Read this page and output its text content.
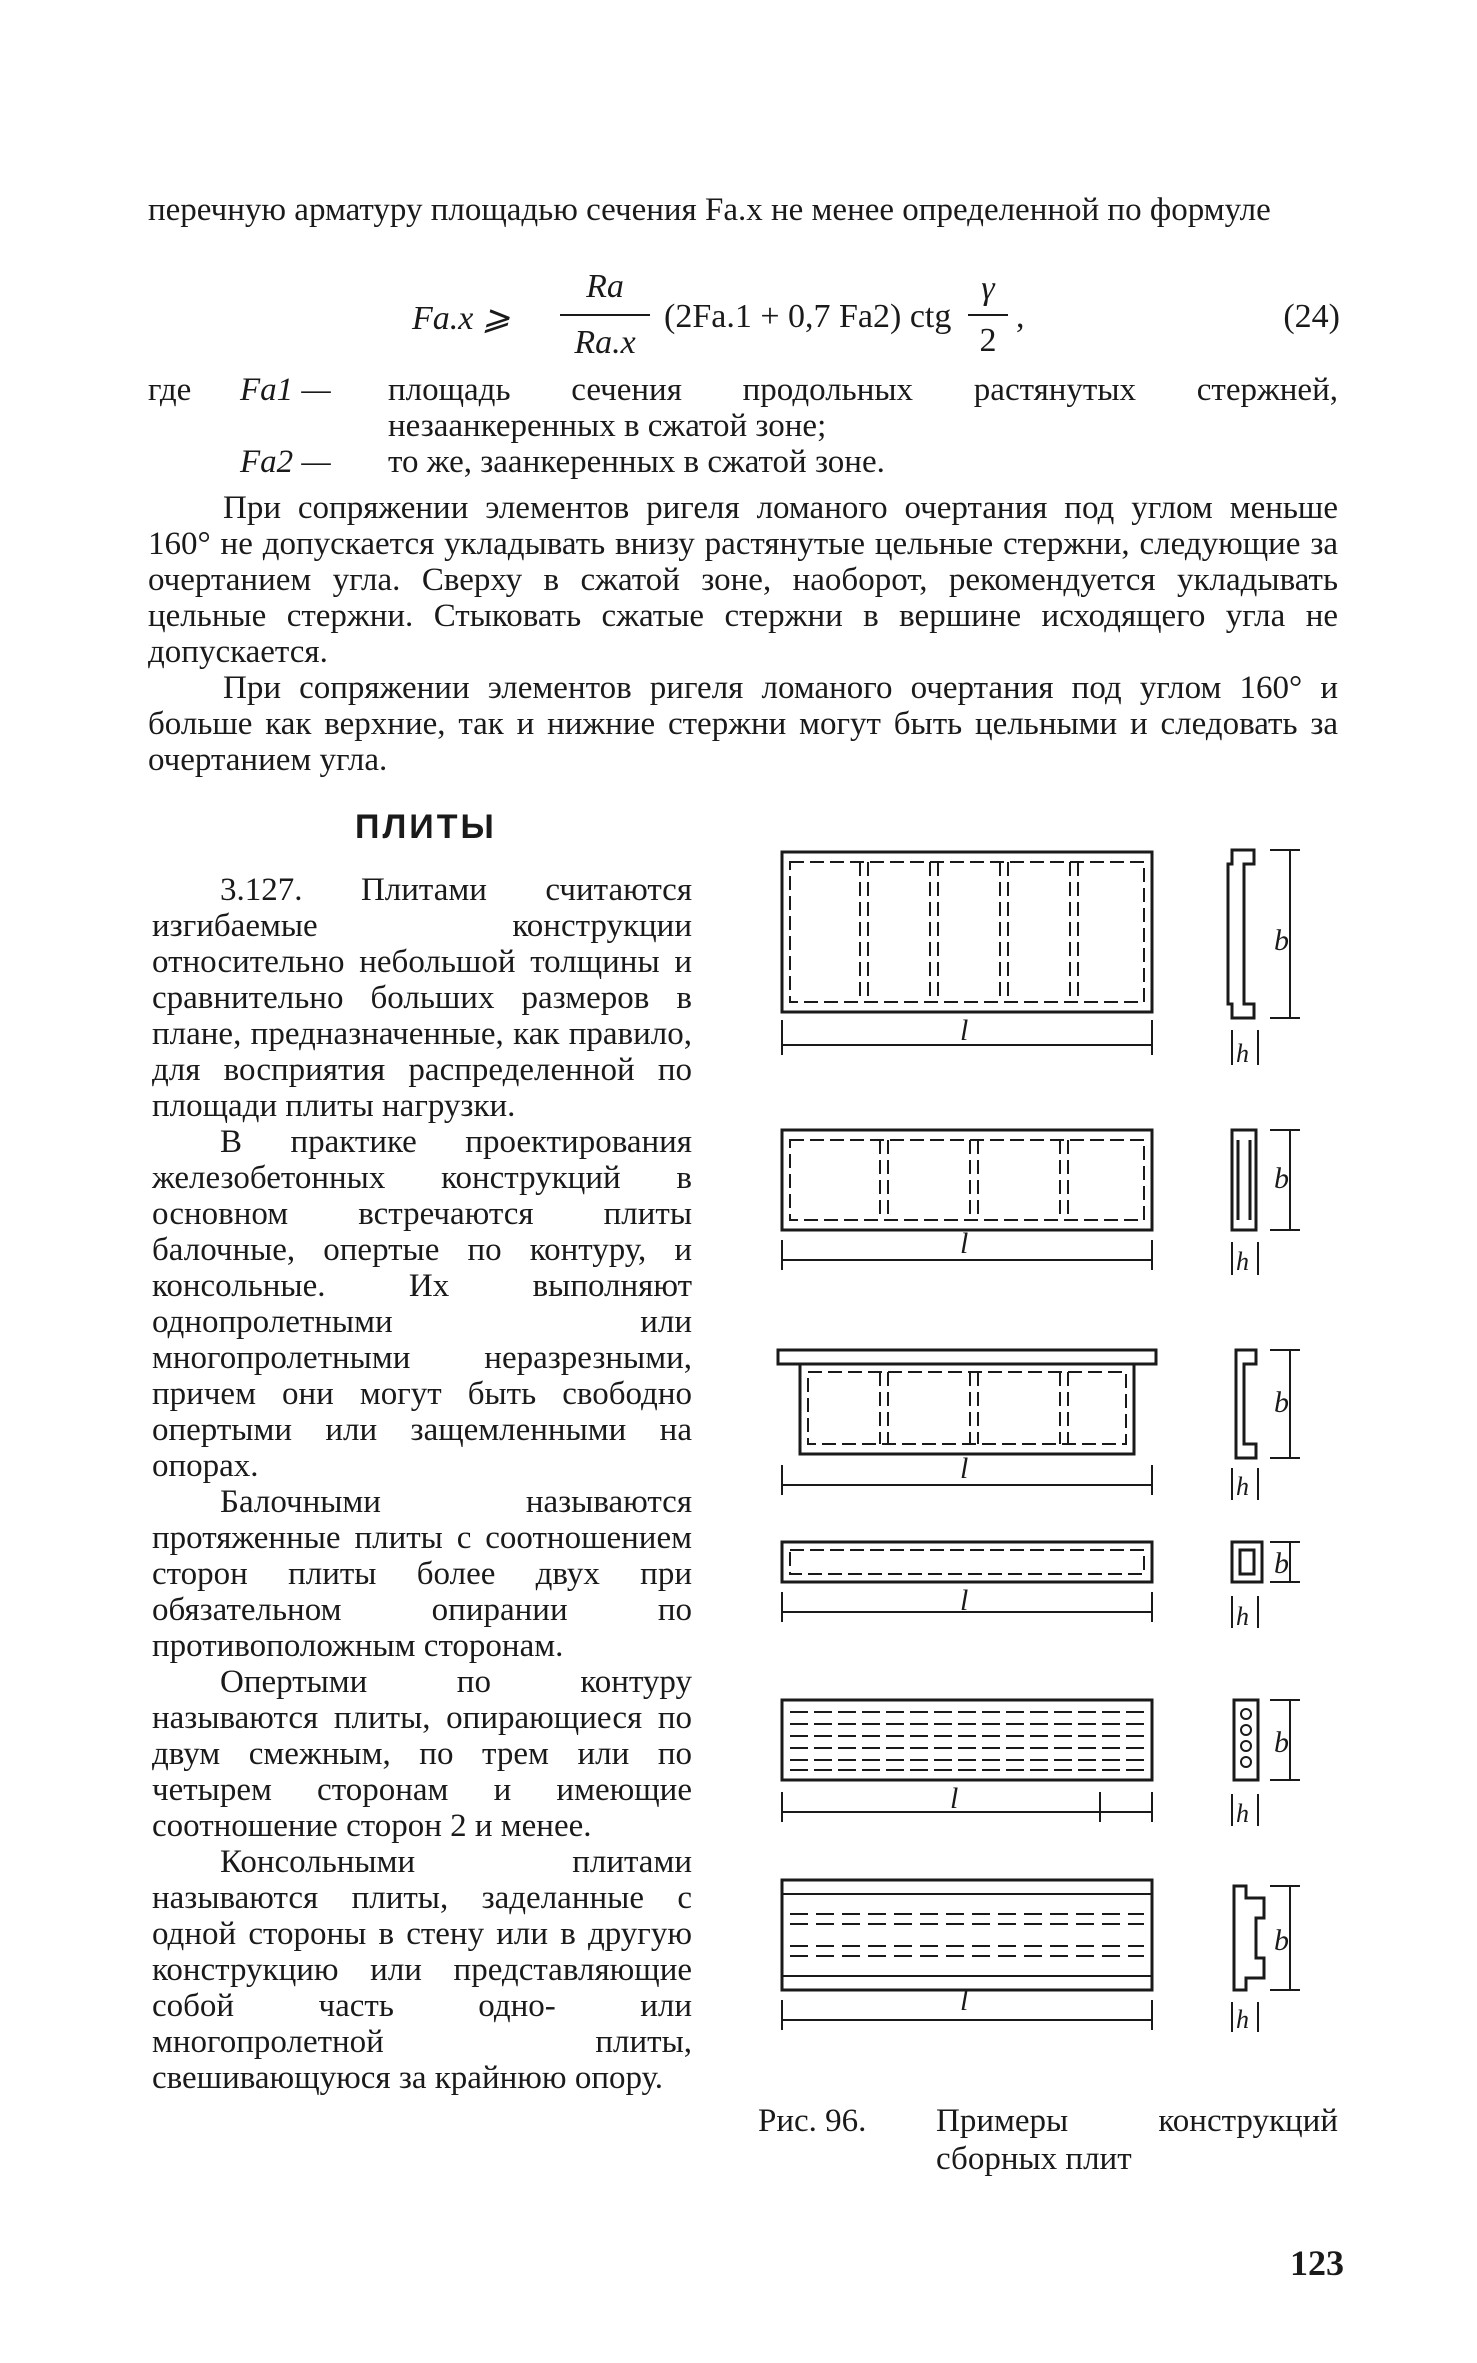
перечную арматуру площадью сечения Fa.x не менее определенной по формуле

Fa.x ⩾
Ra
Ra.x
(2Fa.1 + 0,7 Fa2) ctg
γ
2
,	(24)
где Fa1 —	площадь сечения продольных растянутых стержней, незаанкеренных в сжатой зоне;
Fa2 —	то же, заанкеренных в сжатой зоне.

При сопряжении элементов ригеля ломаного очертания под углом меньше 160° не допускается укладывать внизу растянутые цельные стержни, следующие за очертанием угла. Сверху в сжатой зоне, наоборот, рекомендуется укладывать цельные стержни. Стыковать сжатые стержни в вершине исходящего угла не допускается.

При сопряжении элементов ригеля ломаного очертания под углом 160° и больше как верхние, так и нижние стержни могут быть цельными и следовать за очертанием угла.

ПЛИТЫ

3.127. Плитами считаются изгибаемые конструкции относительно небольшой толщины и сравнительно больших размеров в плане, предназначенные, как правило, для восприятия распределенной по площади плиты нагрузки.

В практике проектирования железобетонных конструкций в основном встречаются плиты балочные, опертые по контуру, и консольные. Их выполняют однопролетными или многопролетными неразрезными, причем они могут быть свободно опертыми или защемленными на опорах.

Балочными называются протяженные плиты с соотношением сторон плиты более двух при обязательном опирании по противоположным сторонам.

Опертыми по контуру называются плиты, опирающиеся по двум смежным, по трем или по четырем сторонам и имеющие соотношение сторон 2 и менее.

Консольными плитами называются плиты, заделанные с одной стороны в стену или в другую конструкцию или представляющие собой часть одно- или многопролетной плиты, свешивающуюся за крайнюю опору.

l
b
h
l
b
h
l
b
h
l
b
h
l
b
h
l
b
h
Рис. 96. Примеры конструкций сборных плит
123
